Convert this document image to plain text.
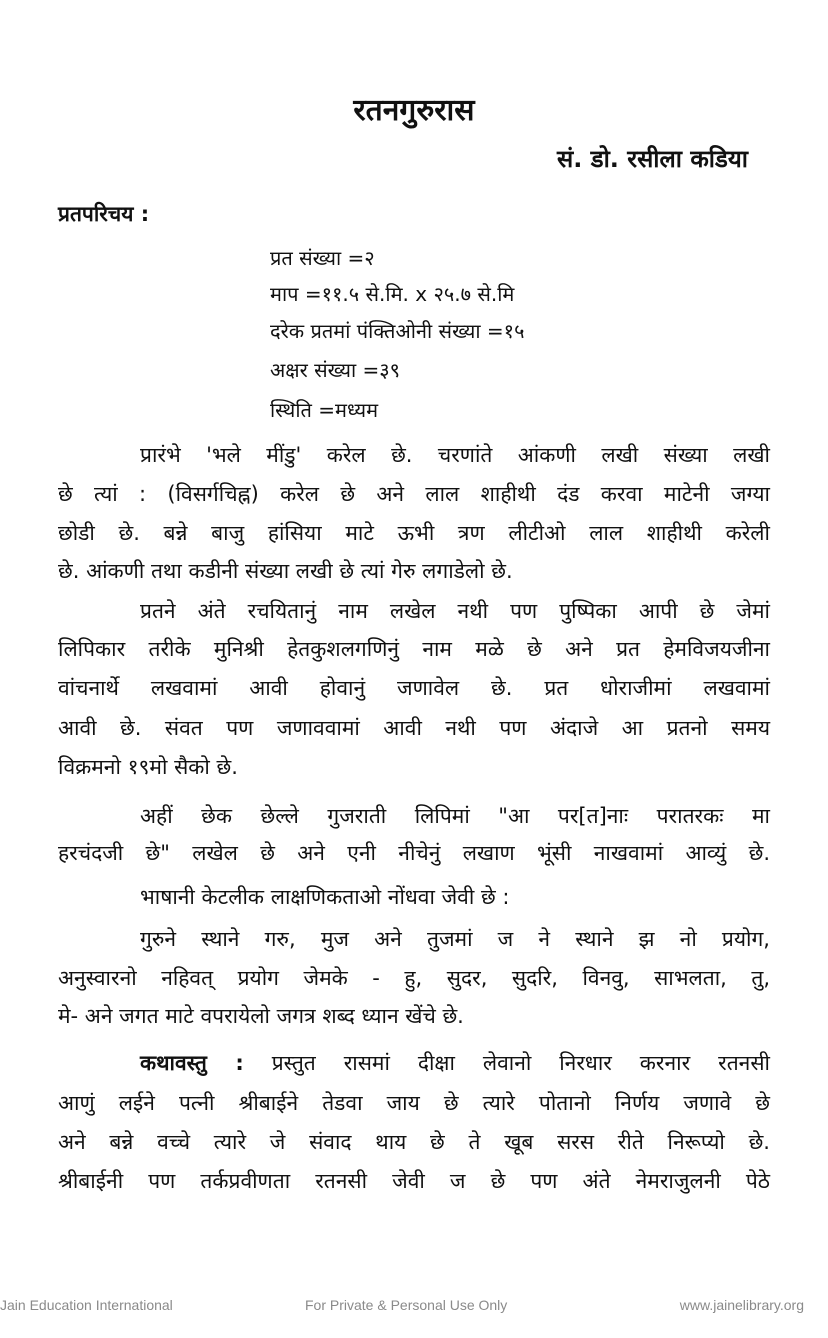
रतनगुरुरास
सं. डो. रसीला कडिया
प्रतपरिचय :
प्रत संख्या =२
माप =११.५ से.मि. x २५.७ से.मि
दरेक प्रतमां पंक्तिओनी संख्या =१५
अक्षर संख्या =३९
स्थिति =मध्यम
प्रारंभे 'भले मींडु' करेल छे. चरणांते आंकणी लखी संख्या लखी
छे त्यां : (विसर्गचिह्न) करेल छे अने लाल शाहीथी दंड करवा माटेनी जग्या
छोडी छे. बन्ने बाजु हांसिया माटे ऊभी त्रण लीटीओ लाल शाहीथी करेली
छे. आंकणी तथा कडीनी संख्या लखी छे त्यां गेरु लगाडेलो छे.
प्रतने अंते रचयितानुं नाम लखेल नथी पण पुष्पिका आपी छे जेमां
लिपिकार तरीके मुनिश्री हेतकुशलगणिनुं नाम मळे छे अने प्रत हेमविजयजीना
वांचनार्थे लखवामां आवी होवानुं जणावेल छे. प्रत धोराजीमां लखवामां
आवी छे. संवत पण जणाववामां आवी नथी पण अंदाजे आ प्रतनो समय
विक्रमनो १९मो सैको छे.
अहीं छेक छेल्ले गुजराती लिपिमां "आ पर[त]नाः परातरकः मा
हरचंदजी छे" लखेल छे अने एनी नीचेनुं लखाण भूंसी नाखवामां आव्युं छे.
भाषानी केटलीक लाक्षणिकताओ नोंधवा जेवी छे :
गुरुने स्थाने गरु, मुज अने तुजमां ज ने स्थाने झ नो प्रयोग,
अनुस्वारनो नहिवत् प्रयोग जेमके - हु, सुदर, सुदरि, विनवु, साभलता, तु,
मे- अने जगत माटे वपरायेलो जगत्र शब्द ध्यान खेंचे छे.
कथावस्तु : प्रस्तुत रासमां दीक्षा लेवानो निरधार करनार रतनसी
आणुं लईने पत्नी श्रीबाईने तेडवा जाय छे त्यारे पोतानो निर्णय जणावे छे
अने बन्ने वच्चे त्यारे जे संवाद थाय छे ते खूब सरस रीते निरूप्यो छे.
श्रीबाईनी पण तर्कप्रवीणता रतनसी जेवी ज छे पण अंते नेमराजुलनी पेठे
Jain Education International	For Private & Personal Use Only	www.jainelibrary.org
